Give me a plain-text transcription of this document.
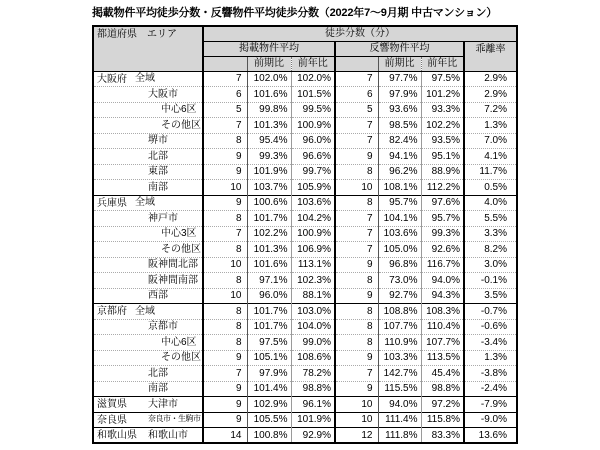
掲載物件平均徒歩分数・反響物件平均徒歩分数（2022年7～9月期 中古マンション）
都道府県　エリア	徒歩分数（分）						
	掲載物件平均			反響物件平均			乖離率
		前期比	前年比		前期比	前年比	

大阪府 全域	7	102.0%	102.0%	7	97.7%	97.5%	2.9%

大阪市	6	101.6%	101.5%	6	97.9%	101.2%	2.9%

中心6区	5	99.8%	99.5%	5	93.6%	93.3%	7.2%

その他区	7	101.3%	100.9%	7	98.5%	102.2%	1.3%

堺市	8	95.4%	96.0%	7	82.4%	93.5%	7.0%

北部	9	99.3%	96.6%	9	94.1%	95.1%	4.1%

東部	9	101.9%	99.7%	8	96.2%	88.9%	11.7%

南部	10	103.7%	105.9%	10	108.1%	112.2%	0.5%

兵庫県 全域	9	100.6%	103.6%	8	95.7%	97.6%	4.0%

神戸市	8	101.7%	104.2%	7	104.1%	95.7%	5.5%

中心3区	7	102.2%	100.9%	7	103.6%	99.3%	3.3%

その他区	8	101.3%	106.9%	7	105.0%	92.6%	8.2%

阪神間北部	10	101.6%	113.1%	9	96.8%	116.7%	3.0%

阪神間南部	8	97.1%	102.3%	8	73.0%	94.0%	-0.1%

西部	10	96.0%	88.1%	9	92.7%	94.3%	3.5%

京都府 全域	8	101.7%	103.0%	8	108.8%	108.3%	-0.7%

京都市	8	101.7%	104.0%	8	107.7%	110.4%	-0.6%

中心6区	8	97.5%	99.0%	8	110.9%	107.7%	-3.4%

その他区	9	105.1%	108.6%	9	103.3%	113.5%	1.3%

北部	7	97.9%	78.2%	7	142.7%	45.4%	-3.8%

南部	9	101.4%	98.8%	9	115.5%	98.8%	-2.4%

滋賀県 大津市	9	102.9%	96.1%	10	94.0%	97.2%	-7.9%

奈良県 奈良市・生駒市	9	105.5%	101.9%	10	111.4%	115.8%	-9.0%

和歌山県 和歌山市	14	100.8%	92.9%	12	111.8%	83.3%	13.6%
